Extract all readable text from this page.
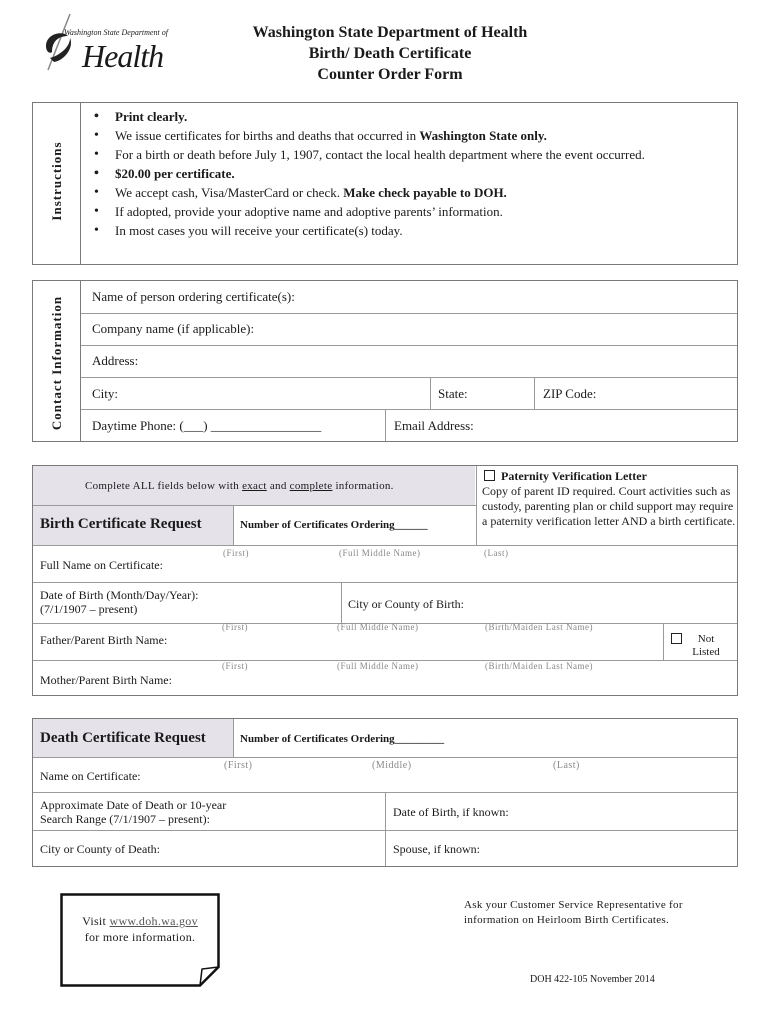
Washington State Department of
Health
Washington State Department of Health
Birth/ Death Certificate
Counter Order Form
Instructions
• Print clearly.
• We issue certificates for births and deaths that occurred in Washington State only.
• For a birth or death before July 1, 1907, contact the local health department where the event occurred.
• $20.00 per certificate.
• We accept cash, Visa/MasterCard or check. Make check payable to DOH.
• If adopted, provide your adoptive name and adoptive parents’ information.
• In most cases you will receive your certificate(s) today.
Contact Information Name of person ordering certificate(s):
Company name (if applicable):
Address:
City:	State:	ZIP Code:
Daytime Phone: (___) _________________	Email Address:
Complete ALL fields below with exact and complete information.
Paternity Verification Letter
Copy of parent ID required. Court activities such as custody, parenting plan or child support may require a paternity verification letter AND a birth certificate.
Birth Certificate Request	Number of Certificates Ordering______
(First)	(Full Middle Name)	(Last)
Full Name on Certificate:
Date of Birth (Month/Day/Year):
(7/1/1907 – present)	City or County of Birth:
(First)	(Full Middle Name)	(Birth/Maiden Last Name)
Father/Parent Birth Name:	Not Listed
(First)	(Full Middle Name)	(Birth/Maiden Last Name)
Mother/Parent Birth Name:
Death Certificate Request	Number of Certificates Ordering_________
(First)	(Middle)	(Last)
Name on Certificate:
Approximate Date of Death or 10-year
Search Range (7/1/1907 – present):	Date of Birth, if known:
City or County of Death:	Spouse, if known:
Visit www.doh.wa.gov
for more information.
Ask your Customer Service Representative for information on Heirloom Birth Certificates.
DOH 422-105 November 2014
